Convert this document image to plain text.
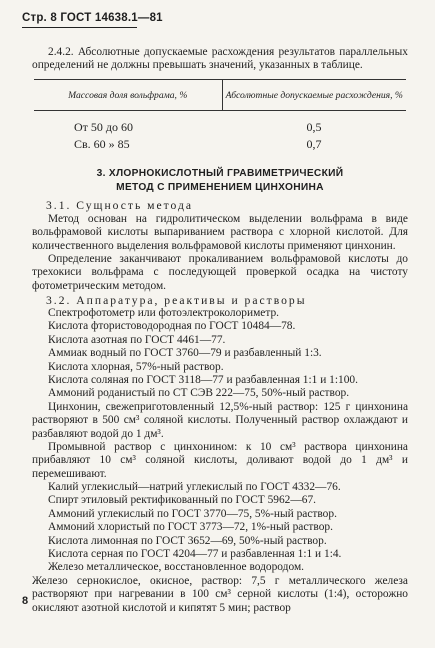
Стр. 8 ГОСТ 14638.1—81
2.4.2. Абсолютные допускаемые расхождения результатов параллельных определений не должны превышать значений, указанных в таблице.
Массовая доля вольфрама, %	Абсолютные допускаемые расхождения, %
От 50 до 60	0,5
Св. 60 » 85	0,7
3. ХЛОРНОКИСЛОТНЫЙ ГРАВИМЕТРИЧЕСКИЙ
МЕТОД С ПРИМЕНЕНИЕМ ЦИНХОНИНА
3.1. Сущность метода
Метод основан на гидролитическом выделении вольфрама в виде вольфрамовой кислоты выпариванием раствора с хлорной кислотой. Для количественного выделения вольфрамовой кислоты применяют цинхонин.
Определение заканчивают прокаливанием вольфрамовой кислоты до трехокиси вольфрама с последующей проверкой осадка на чистоту фотометрическим методом.
3.2. Аппаратура, реактивы и растворы
Спектрофотометр или фотоэлектроколориметр.
Кислота фтористоводородная по ГОСТ 10484—78.
Кислота азотная по ГОСТ 4461—77.
Аммиак водный по ГОСТ 3760—79 и разбавленный 1:3.
Кислота хлорная, 57%-ный раствор.
Кислота соляная по ГОСТ 3118—77 и разбавленная 1:1 и 1:100.
Аммоний роданистый по СТ СЭВ 222—75, 50%-ный раствор.
Цинхонин, свежеприготовленный 12,5%-ный раствор: 125 г цинхонина растворяют в 500 см³ соляной кислоты. Полученный раствор охлаждают и разбавляют водой до 1 дм³.
Промывной раствор с цинхонином: к 10 см³ раствора цинхонина прибавляют 10 см³ соляной кислоты, доливают водой до 1 дм³ и перемешивают.
Калий углекислый—натрий углекислый по ГОСТ 4332—76.
Спирт этиловый ректификованный по ГОСТ 5962—67.
Аммоний углекислый по ГОСТ 3770—75, 5%-ный раствор.
Аммоний хлористый по ГОСТ 3773—72, 1%-ный раствор.
Кислота лимонная по ГОСТ 3652—69, 50%-ный раствор.
Кислота серная по ГОСТ 4204—77 и разбавленная 1:1 и 1:4.
Железо металлическое, восстановленное водородом.
Железо сернокислое, окисное, раствор: 7,5 г металлического железа растворяют при нагревании в 100 см³ серной кислоты (1:4), осторожно окисляют азотной кислотой и кипятят 5 мин; раствор
8
